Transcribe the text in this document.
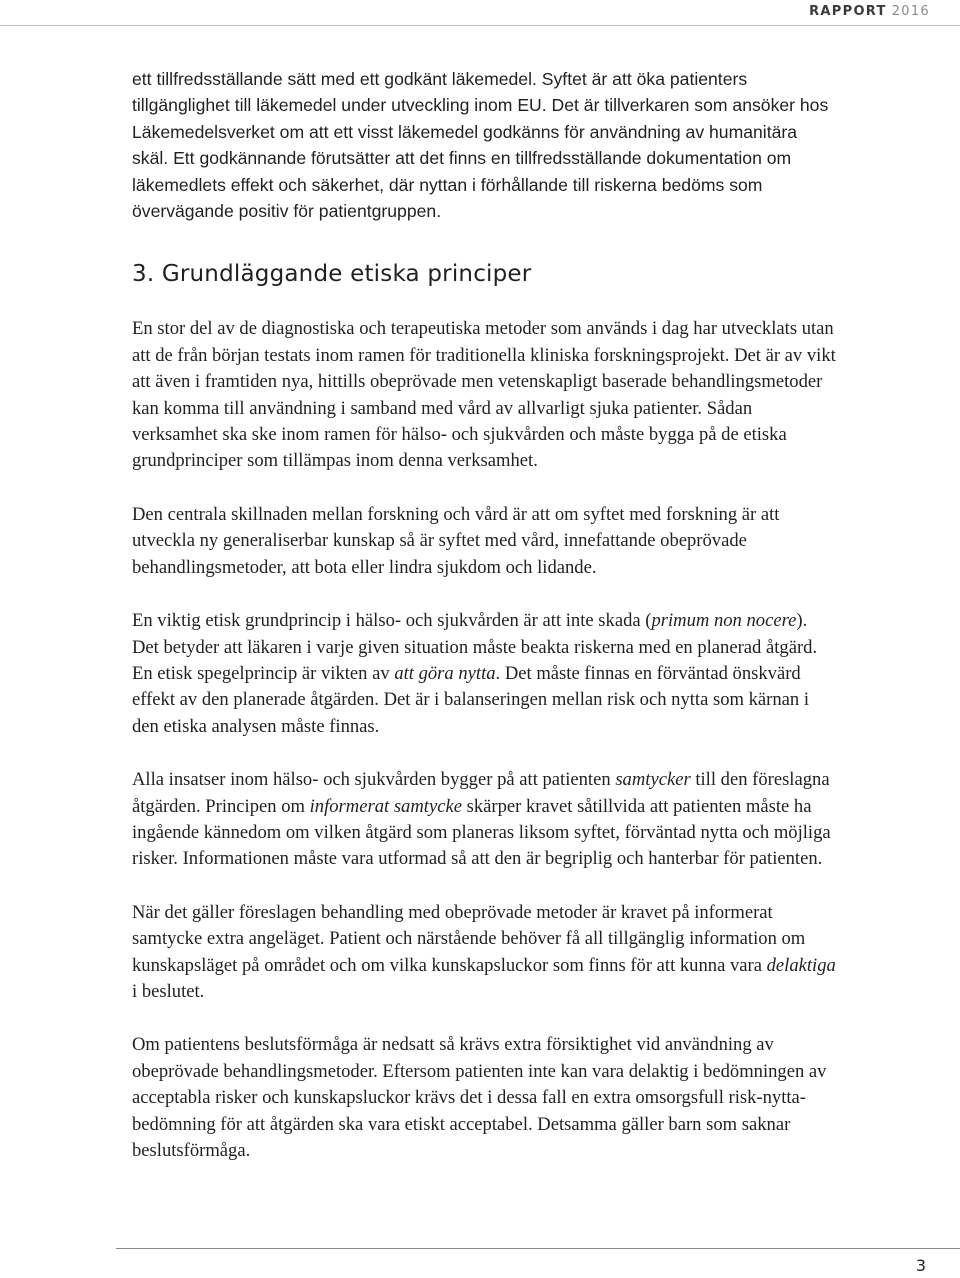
RAPPORT 2016

ett tillfredsställande sätt med ett godkänt läkemedel. Syftet är att öka patienters tillgänglighet till läkemedel under utveckling inom EU. Det är tillverkaren som ansöker hos Läkemedelsverket om att ett visst läkemedel godkänns för användning av humanitära skäl. Ett godkännande förutsätter att det finns en tillfredsställande dokumentation om läkemedlets effekt och säkerhet, där nyttan i förhållande till riskerna bedöms som övervägande positiv för patientgruppen.

3. Grundläggande etiska principer

En stor del av de diagnostiska och terapeutiska metoder som används i dag har utvecklats utan att de från början testats inom ramen för traditionella kliniska forskningsprojekt. Det är av vikt att även i framtiden nya, hittills obeprövade men vetenskapligt baserade behandlingsmetoder kan komma till användning i samband med vård av allvarligt sjuka patienter. Sådan verksamhet ska ske inom ramen för hälso- och sjukvården och måste bygga på de etiska grundprinciper som tillämpas inom denna verksamhet.

Den centrala skillnaden mellan forskning och vård är att om syftet med forskning är att utveckla ny generaliserbar kunskap så är syftet med vård, innefattande obeprövade behandlingsmetoder, att bota eller lindra sjukdom och lidande.

En viktig etisk grundprincip i hälso- och sjukvården är att inte skada (primum non nocere). Det betyder att läkaren i varje given situation måste beakta riskerna med en planerad åtgärd. En etisk spegelprincip är vikten av att göra nytta. Det måste finnas en förväntad önskvärd effekt av den planerade åtgärden. Det är i balanseringen mellan risk och nytta som kärnan i den etiska analysen måste finnas.

Alla insatser inom hälso- och sjukvården bygger på att patienten samtycker till den föreslagna åtgärden. Principen om informerat samtycke skärper kravet såtillvida att patienten måste ha ingående kännedom om vilken åtgärd som planeras liksom syftet, förväntad nytta och möjliga risker. Informationen måste vara utformad så att den är begriplig och hanterbar för patienten.

När det gäller föreslagen behandling med obeprövade metoder är kravet på informerat samtycke extra angeläget. Patient och närstående behöver få all tillgänglig information om kunskapsläget på området och om vilka kunskapsluckor som finns för att kunna vara delaktiga i beslutet.

Om patientens beslutsförmåga är nedsatt så krävs extra försiktighet vid användning av obeprövade behandlingsmetoder. Eftersom patienten inte kan vara delaktig i bedömningen av acceptabla risker och kunskapsluckor krävs det i dessa fall en extra omsorgsfull risk-nytta-bedömning för att åtgärden ska vara etiskt acceptabel. Detsamma gäller barn som saknar beslutsförmåga.

3
